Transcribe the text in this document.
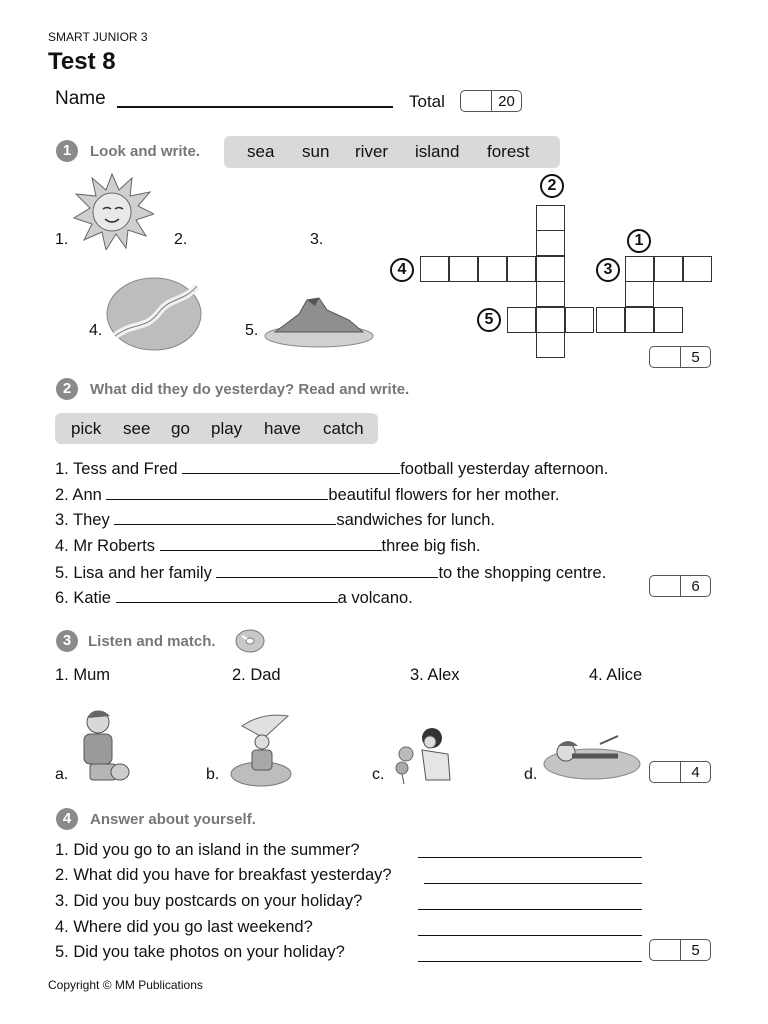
SMART JUNIOR 3
Test 8
Name	Total	20
1	Look and write.	sea sun river island forest
1.	2.	3.
4.	5.
1
2
3
4
5
5
2	What did they do yesterday? Read and write.
pick see go play have catch
1. Tess and Fred	football yesterday afternoon.
2. Ann	beautiful flowers for her mother.
3. They	sandwiches for lunch.
4. Mr Roberts	three big fish.
5. Lisa and her family	to the shopping centre.
6. Katie	a volcano.
6
3	Listen and match.
1. Mum	2. Dad	3. Alex	4. Alice
a.	b.	c.	d.	4
4	Answer about yourself.
1. Did you go to an island in the summer?
2. What did you have for breakfast yesterday?
3. Did you buy postcards on your holiday?
4. Where did you go last weekend?
5. Did you take photos on your holiday?	5
Copyright © MM Publications
